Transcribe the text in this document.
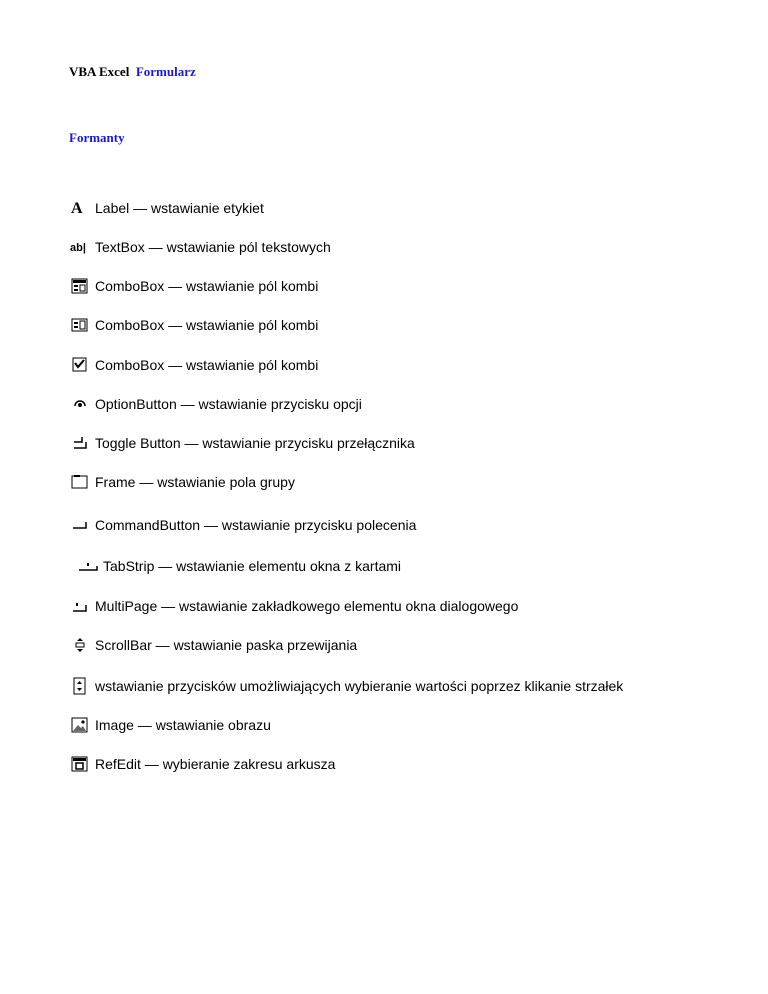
VBA Excel Formularz
Formanty
A Label — wstawianie etykiet
ab| TextBox — wstawianie pól tekstowych
ComboBox — wstawianie pól kombi
ComboBox — wstawianie pól kombi
ComboBox — wstawianie pól kombi
OptionButton — wstawianie przycisku opcji
Toggle Button — wstawianie przycisku przełącznika
Frame — wstawianie pola grupy
CommandButton — wstawianie przycisku polecenia
TabStrip — wstawianie elementu okna z kartami
MultiPage — wstawianie zakładkowego elementu okna dialogowego
ScrollBar — wstawianie paska przewijania
wstawianie przycisków umożliwiających wybieranie wartości poprzez klikanie strzałek
Image — wstawianie obrazu
RefEdit — wybieranie zakresu arkusza
